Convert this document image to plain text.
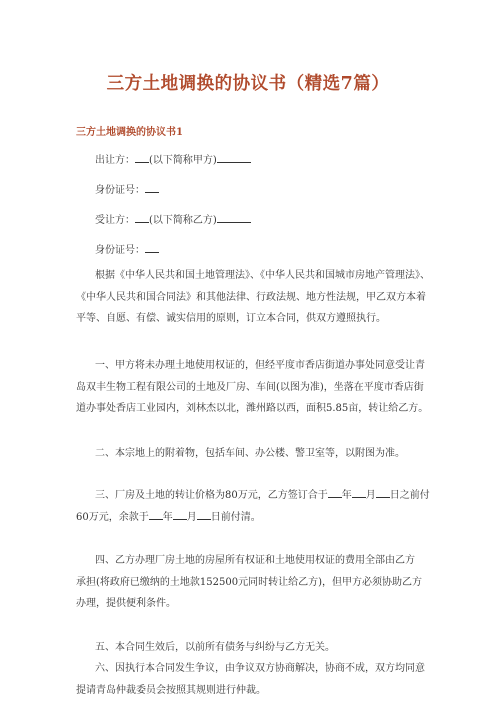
三方土地调换的协议书（精选7篇）
三方土地调换的协议书1
出让方： (以下简称甲方)
身份证号：
受让方： (以下简称乙方)
身份证号：
根据《中华人民共和国土地管理法》、《中华人民共和国城市房地产管理法》、
《中华人民共和国合同法》和其他法律、行政法规、地方性法规，甲乙双方本着
平等、自愿、有偿、诚实信用的原则，订立本合同，供双方遵照执行。
一、甲方将未办理土地使用权证的，但经平度市香店街道办事处同意受让青
岛双丰生物工程有限公司的土地及厂房、车间(以图为准)，坐落在平度市香店街
道办事处香店工业园内，刘林杰以北，潍州路以西，面积5.85亩，转让给乙方。
二、本宗地上的附着物，包括车间、办公楼、警卫室等，以附图为准。
三、厂房及土地的转让价格为80万元，乙方签订合于 年 月 日之前付
60万元，余款于 年 月 日前付清。
四、乙方办理厂房土地的房屋所有权证和土地使用权证的费用全部由乙方
承担(将政府已缴纳的土地款152500元同时转让给乙方)，但甲方必须协助乙方
办理，提供便利条件。
五、本合同生效后，以前所有债务与纠纷与乙方无关。
六、因执行本合同发生争议，由争议双方协商解决，协商不成，双方均同意
提请青岛仲裁委员会按照其规则进行仲裁。
